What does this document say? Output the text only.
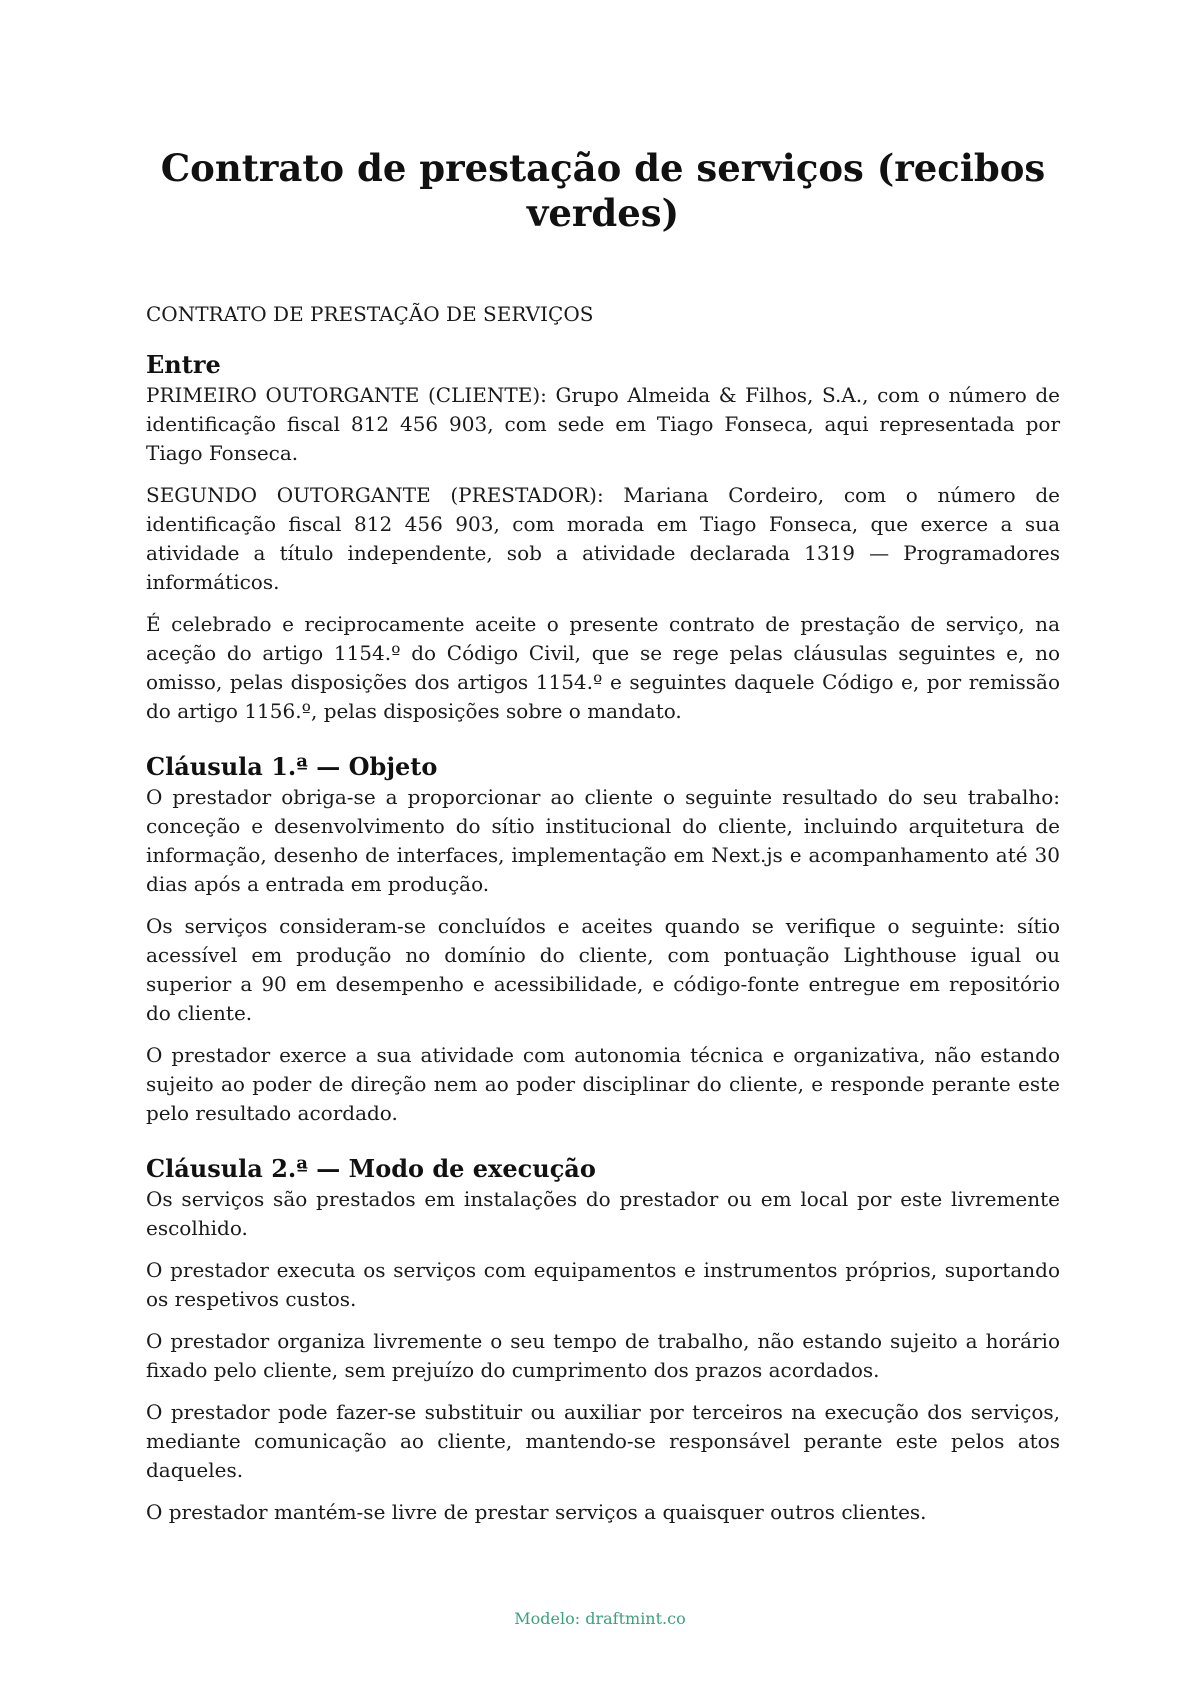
Contrato de prestação de serviços (recibos verdes)
CONTRATO DE PRESTAÇÃO DE SERVIÇOS
Entre

PRIMEIRO OUTORGANTE (CLIENTE): Grupo Almeida & Filhos, S.A., com o número de identificação fiscal 812 456 903, com sede em Tiago Fonseca, aqui representada por Tiago Fonseca.

SEGUNDO OUTORGANTE (PRESTADOR): Mariana Cordeiro, com o número de identificação fiscal 812 456 903, com morada em Tiago Fonseca, que exerce a sua atividade a título independente, sob a atividade declarada 1319 — Programadores informáticos.

É celebrado e reciprocamente aceite o presente contrato de prestação de serviço, na aceção do artigo 1154.º do Código Civil, que se rege pelas cláusulas seguintes e, no omisso, pelas disposições dos artigos 1154.º e seguintes daquele Código e, por remissão do artigo 1156.º, pelas disposições sobre o mandato.

Cláusula 1.ª — Objeto

O prestador obriga-se a proporcionar ao cliente o seguinte resultado do seu trabalho: conceção e desenvolvimento do sítio institucional do cliente, incluindo arquitetura de informação, desenho de interfaces, implementação em Next.js e acompanhamento até 30 dias após a entrada em produção.

Os serviços consideram-se concluídos e aceites quando se verifique o seguinte: sítio acessível em produção no domínio do cliente, com pontuação Lighthouse igual ou superior a 90 em desempenho e acessibilidade, e código-fonte entregue em repositório do cliente.

O prestador exerce a sua atividade com autonomia técnica e organizativa, não estando sujeito ao poder de direção nem ao poder disciplinar do cliente, e responde perante este pelo resultado acordado.

Cláusula 2.ª — Modo de execução

Os serviços são prestados em instalações do prestador ou em local por este livremente escolhido.

O prestador executa os serviços com equipamentos e instrumentos próprios, suportando os respetivos custos.

O prestador organiza livremente o seu tempo de trabalho, não estando sujeito a horário fixado pelo cliente, sem prejuízo do cumprimento dos prazos acordados.

O prestador pode fazer-se substituir ou auxiliar por terceiros na execução dos serviços, mediante comunicação ao cliente, mantendo-se responsável perante este pelos atos daqueles.

O prestador mantém-se livre de prestar serviços a quaisquer outros clientes.

Modelo: draftmint.co
